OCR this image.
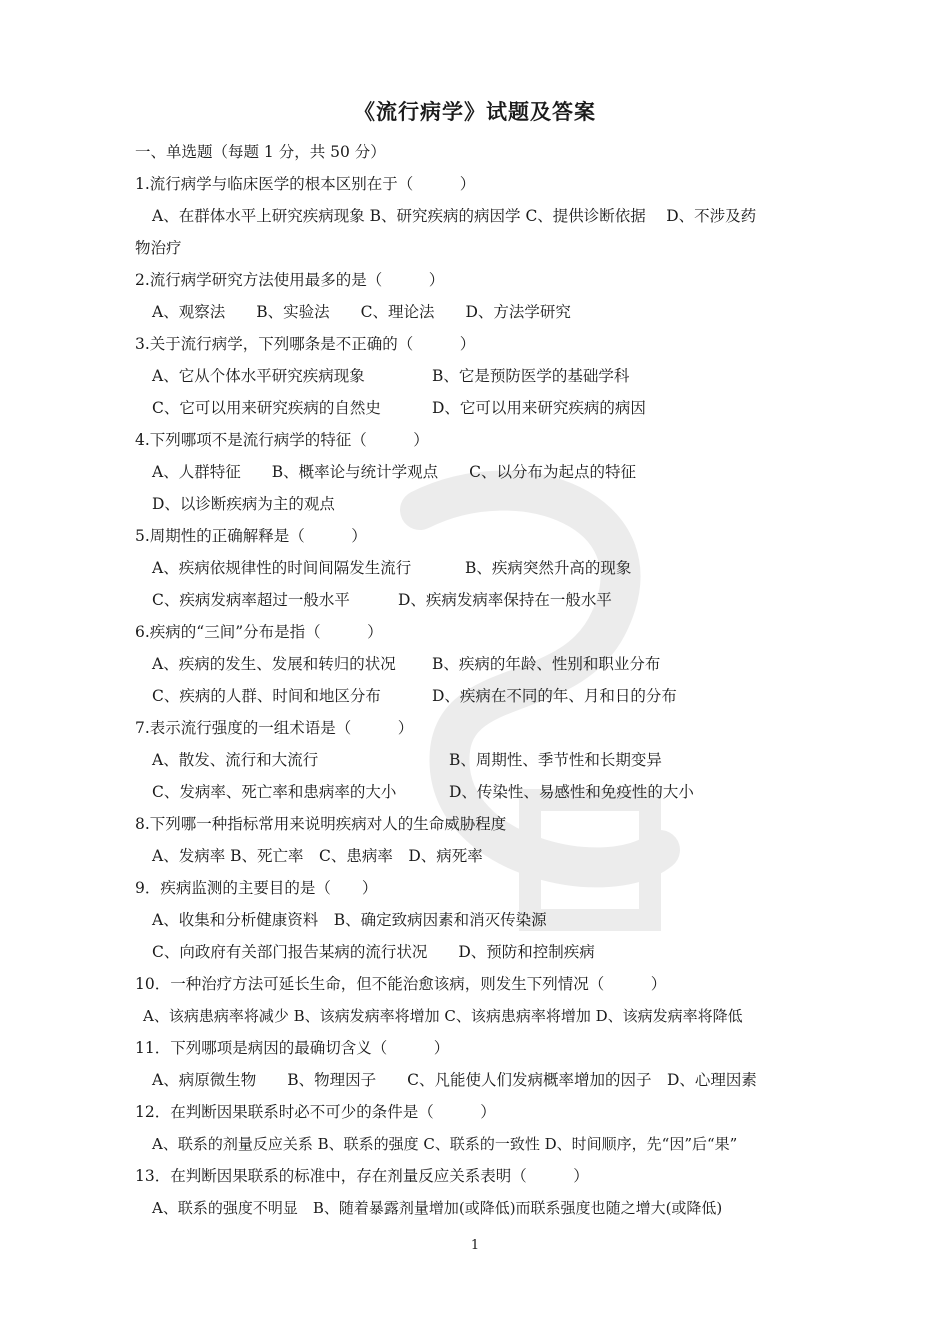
《流行病学》试题及答案
一、单选题（每题 1 分，共 50 分）
1.流行病学与临床医学的根本区别在于（　　　）
A、在群体水平上研究疾病现象 B、研究疾病的病因学 C、提供诊断依据　 D、不涉及药
物治疗
2.流行病学研究方法使用最多的是（　　　）
A、观察法　　B、实验法　　C、理论法　　D、方法学研究
3.关于流行病学，下列哪条是不正确的（　　　）
A、它从个体水平研究疾病现象	B、它是预防医学的基础学科
C、它可以用来研究疾病的自然史	D、它可以用来研究疾病的病因
4.下列哪项不是流行病学的特征（　　　）
A、人群特征　　B、概率论与统计学观点　　C、以分布为起点的特征
D、以诊断疾病为主的观点
5.周期性的正确解释是（　　　）
A、疾病依规律性的时间间隔发生流行	B、疾病突然升高的现象
C、疾病发病率超过一般水平	D、疾病发病率保持在一般水平
6.疾病的“三间”分布是指（　　　）
A、疾病的发生、发展和转归的状况 B、疾病的年龄、性别和职业分布
C、疾病的人群、时间和地区分布	D、疾病在不同的年、月和日的分布
7.表示流行强度的一组术语是（　　　）
A、散发、流行和大流行	B、周期性、季节性和长期变异
C、发病率、死亡率和患病率的大小	D、传染性、易感性和免疫性的大小
8.下列哪一种指标常用来说明疾病对人的生命威胁程度
A、发病率 B、死亡率　C、患病率　D、病死率
9．疾病监测的主要目的是（　　）
A、收集和分析健康资料　B、确定致病因素和消灭传染源
C、向政府有关部门报告某病的流行状况　　D、预防和控制疾病
10．一种治疗方法可延长生命，但不能治愈该病，则发生下列情况（　　　）
A、该病患病率将减少 B、该病发病率将增加 C、该病患病率将增加 D、该病发病率将降低
11．下列哪项是病因的最确切含义（　　　）
A、病原微生物　　B、物理因子　　C、凡能使人们发病概率增加的因子　D、心理因素
12．在判断因果联系时必不可少的条件是（　　　）
A、联系的剂量反应关系 B、联系的强度 C、联系的一致性 D、时间顺序，先“因”后“果”
13．在判断因果联系的标准中，存在剂量反应关系表明（　　　）
A、联系的强度不明显　B、随着暴露剂量增加(或降低)而联系强度也随之增大(或降低)
1
